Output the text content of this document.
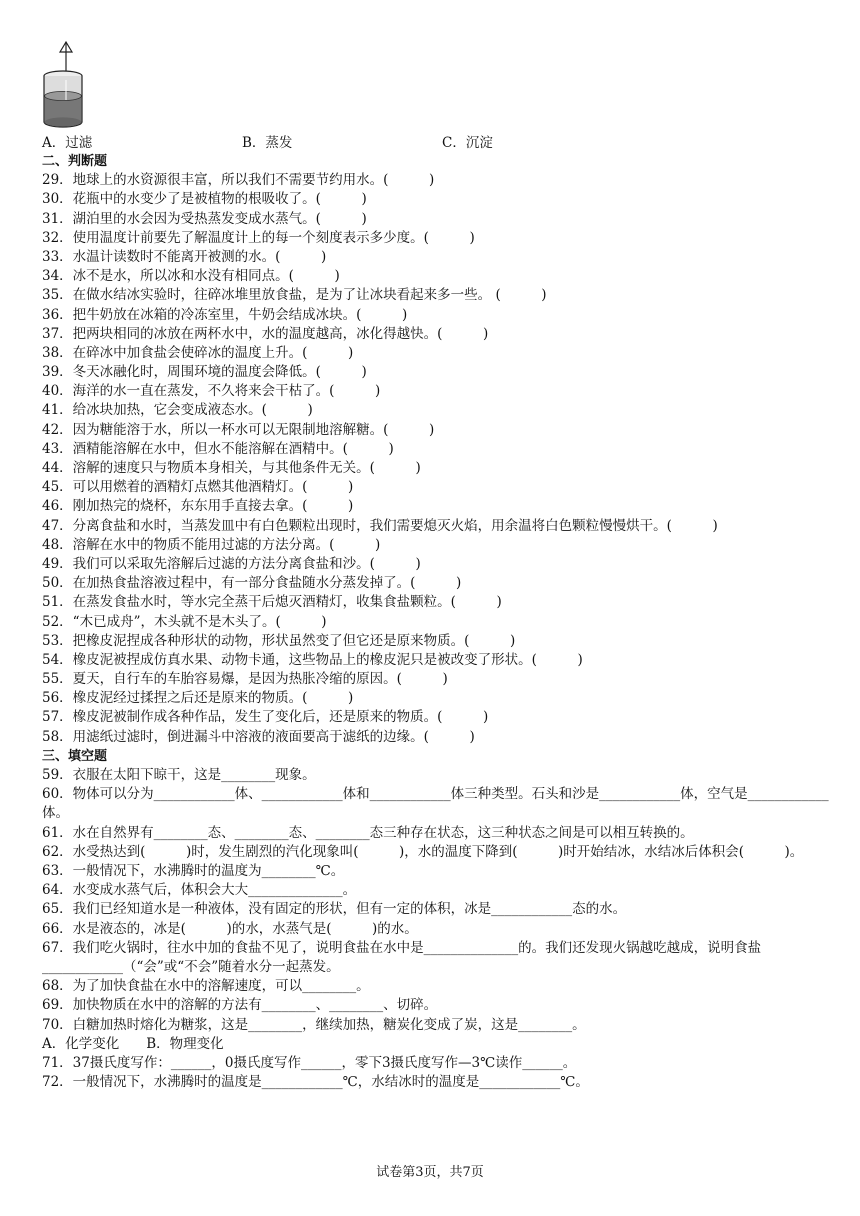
A．过滤	B．蒸发	C．沉淀
二、判断题
29．地球上的水资源很丰富，所以我们不需要节约用水。(　　　)
30．花瓶中的水变少了是被植物的根吸收了。(　　　)
31．湖泊里的水会因为受热蒸发变成水蒸气。(　　　)
32．使用温度计前要先了解温度计上的每一个刻度表示多少度。(　　　)
33．水温计读数时不能离开被测的水。(　　　)
34．冰不是水，所以冰和水没有相同点。(　　　)
35．在做水结冰实验时，往碎冰堆里放食盐，是为了让冰块看起来多一些。 (　　　)
36．把牛奶放在冰箱的冷冻室里，牛奶会结成冰块。(　　　)
37．把两块相同的冰放在两杯水中，水的温度越高，冰化得越快。(　　　)
38．在碎冰中加食盐会使碎冰的温度上升。(　　　)
39．冬天冰融化时，周围环境的温度会降低。(　　　)
40．海洋的水一直在蒸发，不久将来会干枯了。(　　　)
41．给冰块加热，它会变成液态水。(　　　)
42．因为糖能溶于水，所以一杯水可以无限制地溶解糖。(　　　)
43．酒精能溶解在水中，但水不能溶解在酒精中。(　　　)
44．溶解的速度只与物质本身相关，与其他条件无关。(　　　)
45．可以用燃着的酒精灯点燃其他酒精灯。(　　　)
46．刚加热完的烧杯，东东用手直接去拿。(　　　)
47．分离食盐和水时，当蒸发皿中有白色颗粒出现时，我们需要熄灭火焰，用余温将白色颗粒慢慢烘干。(　　　)
48．溶解在水中的物质不能用过滤的方法分离。(　　　)
49．我们可以采取先溶解后过滤的方法分离食盐和沙。(　　　)
50．在加热食盐溶液过程中，有一部分食盐随水分蒸发掉了。(　　　)
51．在蒸发食盐水时，等水完全蒸干后熄灭酒精灯，收集食盐颗粒。(　　　)
52．“木已成舟”，木头就不是木头了。(　　　)
53．把橡皮泥捏成各种形状的动物，形状虽然变了但它还是原来物质。(　　　)
54．橡皮泥被捏成仿真水果、动物卡通，这些物品上的橡皮泥只是被改变了形状。(　　　)
55．夏天，自行车的车胎容易爆，是因为热胀冷缩的原因。(　　　)
56．橡皮泥经过揉捏之后还是原来的物质。(　　　)
57．橡皮泥被制作成各种作品，发生了变化后，还是原来的物质。(　　　)
58．用滤纸过滤时，倒进漏斗中溶液的液面要高于滤纸的边缘。(　　　)
三、填空题
59．衣服在太阳下晾干，这是________现象。
60．物体可以分为____________体、____________体和____________体三种类型。石头和沙是____________体，空气是____________体。
61．水在自然界有________态、________态、________态三种存在状态，这三种状态之间是可以相互转换的。
62．水受热达到(　　　)时，发生剧烈的汽化现象叫(　　　)，水的温度下降到(　　　)时开始结冰，水结冰后体积会(　　　)。
63．一般情况下，水沸腾时的温度为________℃。
64．水变成水蒸气后，体积会大大______________。
65．我们已经知道水是一种液体，没有固定的形状，但有一定的体积，冰是____________态的水。
66．水是液态的，冰是(　　　)的水，水蒸气是(　　　)的水。
67．我们吃火锅时，往水中加的食盐不见了，说明食盐在水中是______________的。我们还发现火锅越吃越成，说明食盐____________（“会”或“不会”随着水分一起蒸发。
68．为了加快食盐在水中的溶解速度，可以________。
69．加快物质在水中的溶解的方法有________、________、切碎。
70．白糖加热时熔化为糖浆，这是________，继续加热，糖炭化变成了炭，这是________。
A．化学变化　　B．物理变化
71．37摄氏度写作：______，0摄氏度写作______，零下3摄氏度写作—3℃读作______。
72．一般情况下，水沸腾时的温度是____________℃，水结冰时的温度是____________℃。
试卷第3页，共7页
